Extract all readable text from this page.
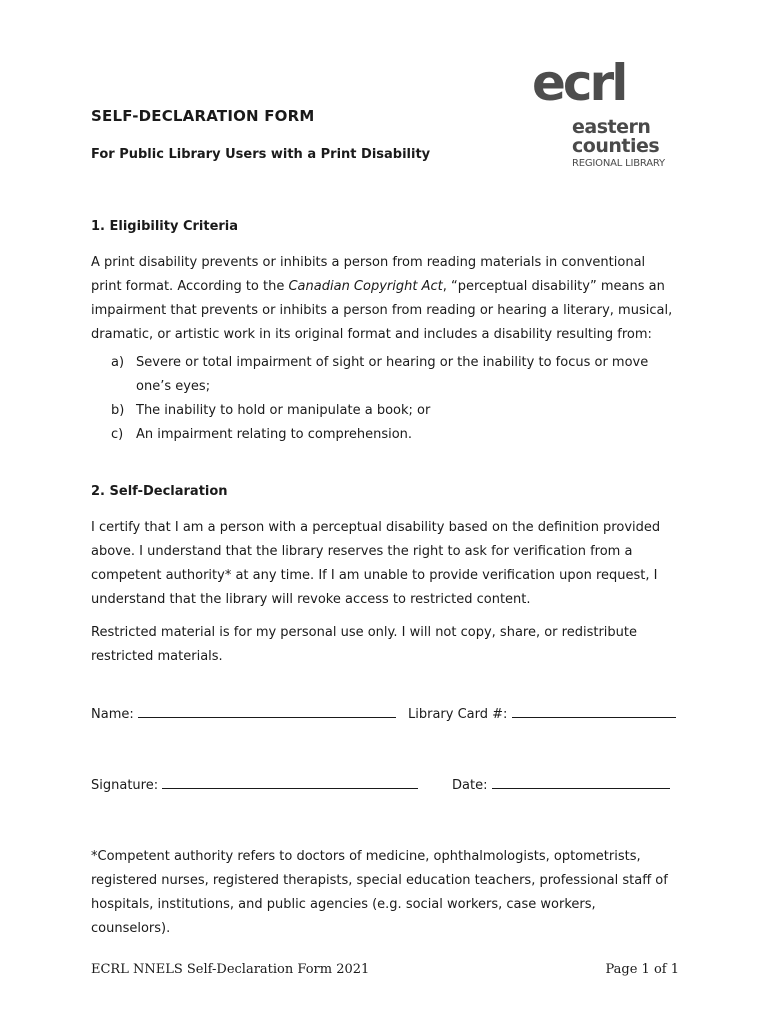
SELF-DECLARATION FORM
For Public Library Users with a Print Disability
ecrl
eastern
counties
REGIONAL LIBRARY
1. Eligibility Criteria
A print disability prevents or inhibits a person from reading materials in conventional print format. According to the Canadian Copyright Act, “perceptual disability” means an impairment that prevents or inhibits a person from reading or hearing a literary, musical, dramatic, or artistic work in its original format and includes a disability resulting from:
a) Severe or total impairment of sight or hearing or the inability to focus or move one’s eyes;
b) The inability to hold or manipulate a book; or
c) An impairment relating to comprehension.
2. Self-Declaration
I certify that I am a person with a perceptual disability based on the definition provided above. I understand that the library reserves the right to ask for verification from a competent authority* at any time. If I am unable to provide verification upon request, I understand that the library will revoke access to restricted content.
Restricted material is for my personal use only. I will not copy, share, or redistribute restricted materials.
Name:	Library Card #:
Signature:	Date:
*Competent authority refers to doctors of medicine, ophthalmologists, optometrists, registered nurses, registered therapists, special education teachers, professional staff of hospitals, institutions, and public agencies (e.g. social workers, case workers, counselors).
ECRL NNELS Self-Declaration Form 2021	Page 1 of 1
